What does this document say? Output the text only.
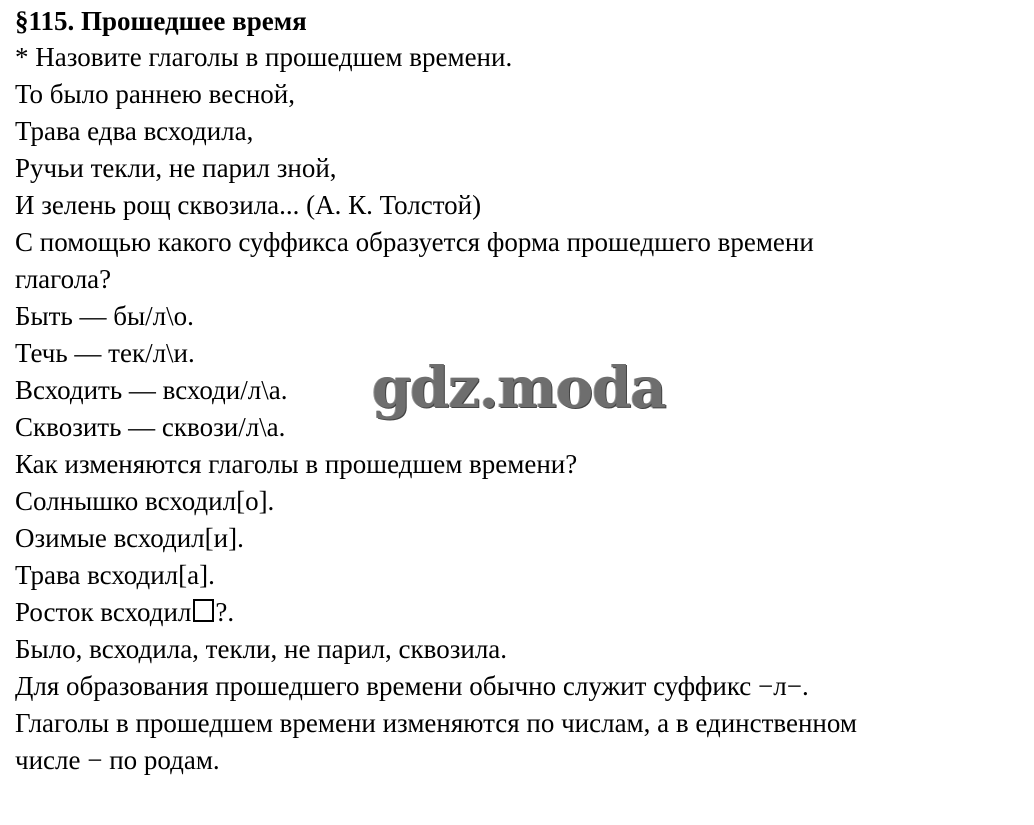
§115. Прошедшее время
* Назовите глаголы в прошедшем времени.
То было раннею весной,
Трава едва всходила,
Ручьи текли, не парил зной,
И зелень рощ сквозила... (А. К. Толстой)
С помощью какого суффикса образуется форма прошедшего времени
глагола?
Быть — бы/л\о.
Течь — тек/л\и.
Всходить — всходи/л\а.
Сквозить — сквози/л\а.
Как изменяются глаголы в прошедшем времени?
Солнышко всходил[о].
Озимые всходил[и].
Трава всходил[а].
Росток всходил ?.
Было, всходила, текли, не парил, сквозила.
Для образования прошедшего времени обычно служит суффикс −л−.
Глаголы в прошедшем времени изменяются по числам, а в единственном
числе − по родам.
gdz.moda
